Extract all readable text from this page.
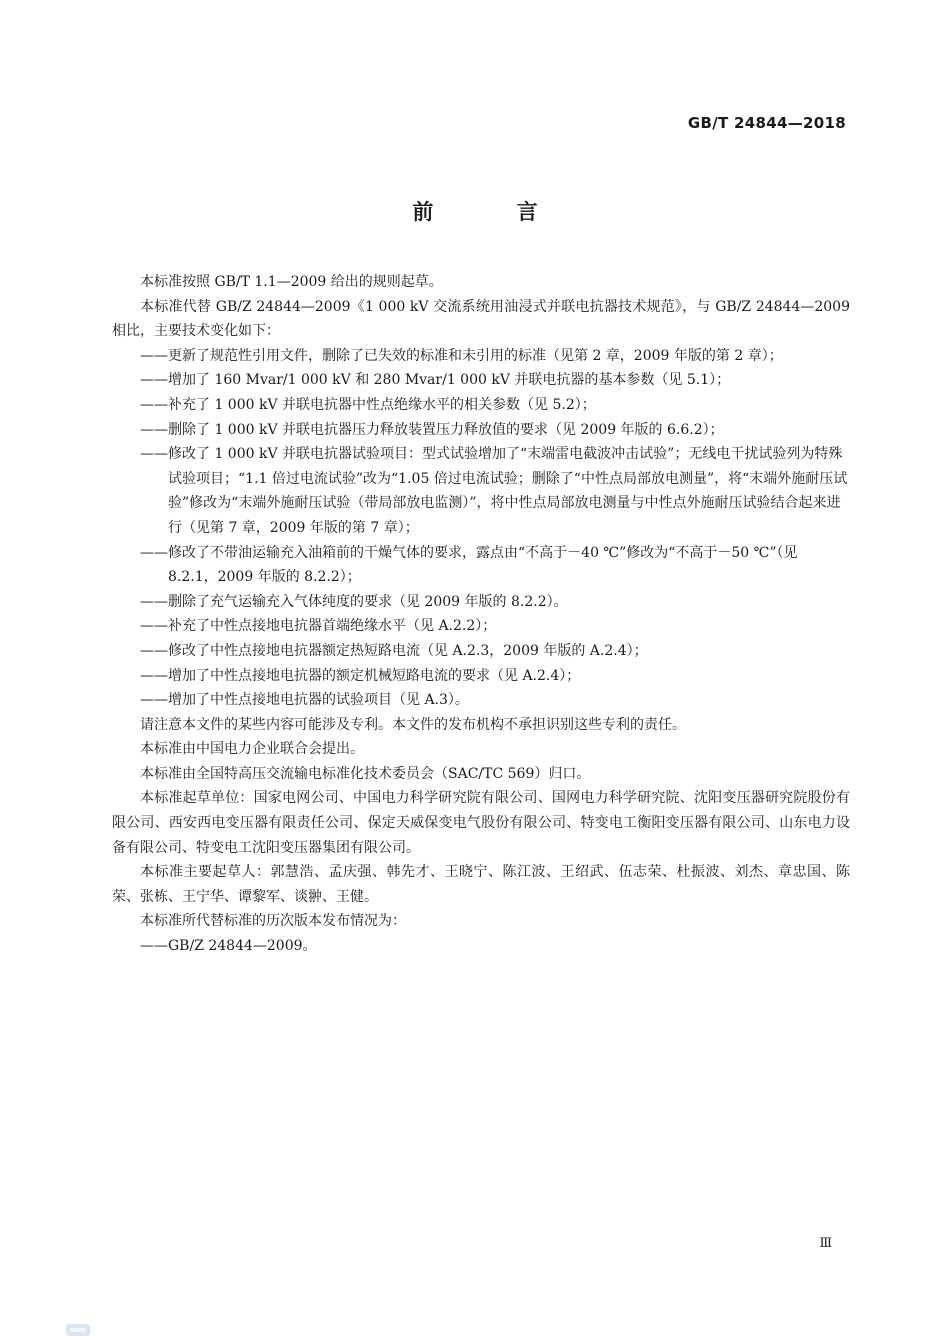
GB/T 24844—2018
前 言
本标准按照 GB/T 1.1—2009 给出的规则起草。
本标准代替 GB/Z 24844—2009《1 000 kV 交流系统用油浸式并联电抗器技术规范》，与 GB/Z 24844—2009 相比，主要技术变化如下：
——更新了规范性引用文件，删除了已失效的标准和未引用的标准（见第 2 章，2009 年版的第 2 章）；
——增加了 160 Mvar/1 000 kV 和 280 Mvar/1 000 kV 并联电抗器的基本参数（见 5.1）；
——补充了 1 000 kV 并联电抗器中性点绝缘水平的相关参数（见 5.2）；
——删除了 1 000 kV 并联电抗器压力释放装置压力释放值的要求（见 2009 年版的 6.6.2）；
——修改了 1 000 kV 并联电抗器试验项目：型式试验增加了“末端雷电截波冲击试验”；无线电干扰试验列为特殊试验项目；“1.1 倍过电流试验”改为“1.05 倍过电流试验；删除了“中性点局部放电测量”，将“末端外施耐压试验”修改为“末端外施耐压试验（带局部放电监测）”，将中性点局部放电测量与中性点外施耐压试验结合起来进行（见第 7 章，2009 年版的第 7 章）；
——修改了不带油运输充入油箱前的干燥气体的要求，露点由“不高于－40 ℃”修改为“不高于－50 ℃”（见 8.2.1，2009 年版的 8.2.2）；
——删除了充气运输充入气体纯度的要求（见 2009 年版的 8.2.2）。
——补充了中性点接地电抗器首端绝缘水平（见 A.2.2）；
——修改了中性点接地电抗器额定热短路电流（见 A.2.3，2009 年版的 A.2.4）；
——增加了中性点接地电抗器的额定机械短路电流的要求（见 A.2.4）；
——增加了中性点接地电抗器的试验项目（见 A.3）。
请注意本文件的某些内容可能涉及专利。本文件的发布机构不承担识别这些专利的责任。
本标准由中国电力企业联合会提出。
本标准由全国特高压交流输电标准化技术委员会（SAC/TC 569）归口。
本标准起草单位：国家电网公司、中国电力科学研究院有限公司、国网电力科学研究院、沈阳变压器研究院股份有限公司、西安西电变压器有限责任公司、保定天威保变电气股份有限公司、特变电工衡阳变压器有限公司、山东电力设备有限公司、特变电工沈阳变压器集团有限公司。
本标准主要起草人：郭慧浩、孟庆强、韩先才、王晓宁、陈江波、王绍武、伍志荣、杜振波、刘杰、章忠国、陈荣、张栋、王宁华、谭黎军、谈翀、王健。
本标准所代替标准的历次版本发布情况为：
——GB/Z 24844—2009。
Ⅲ
